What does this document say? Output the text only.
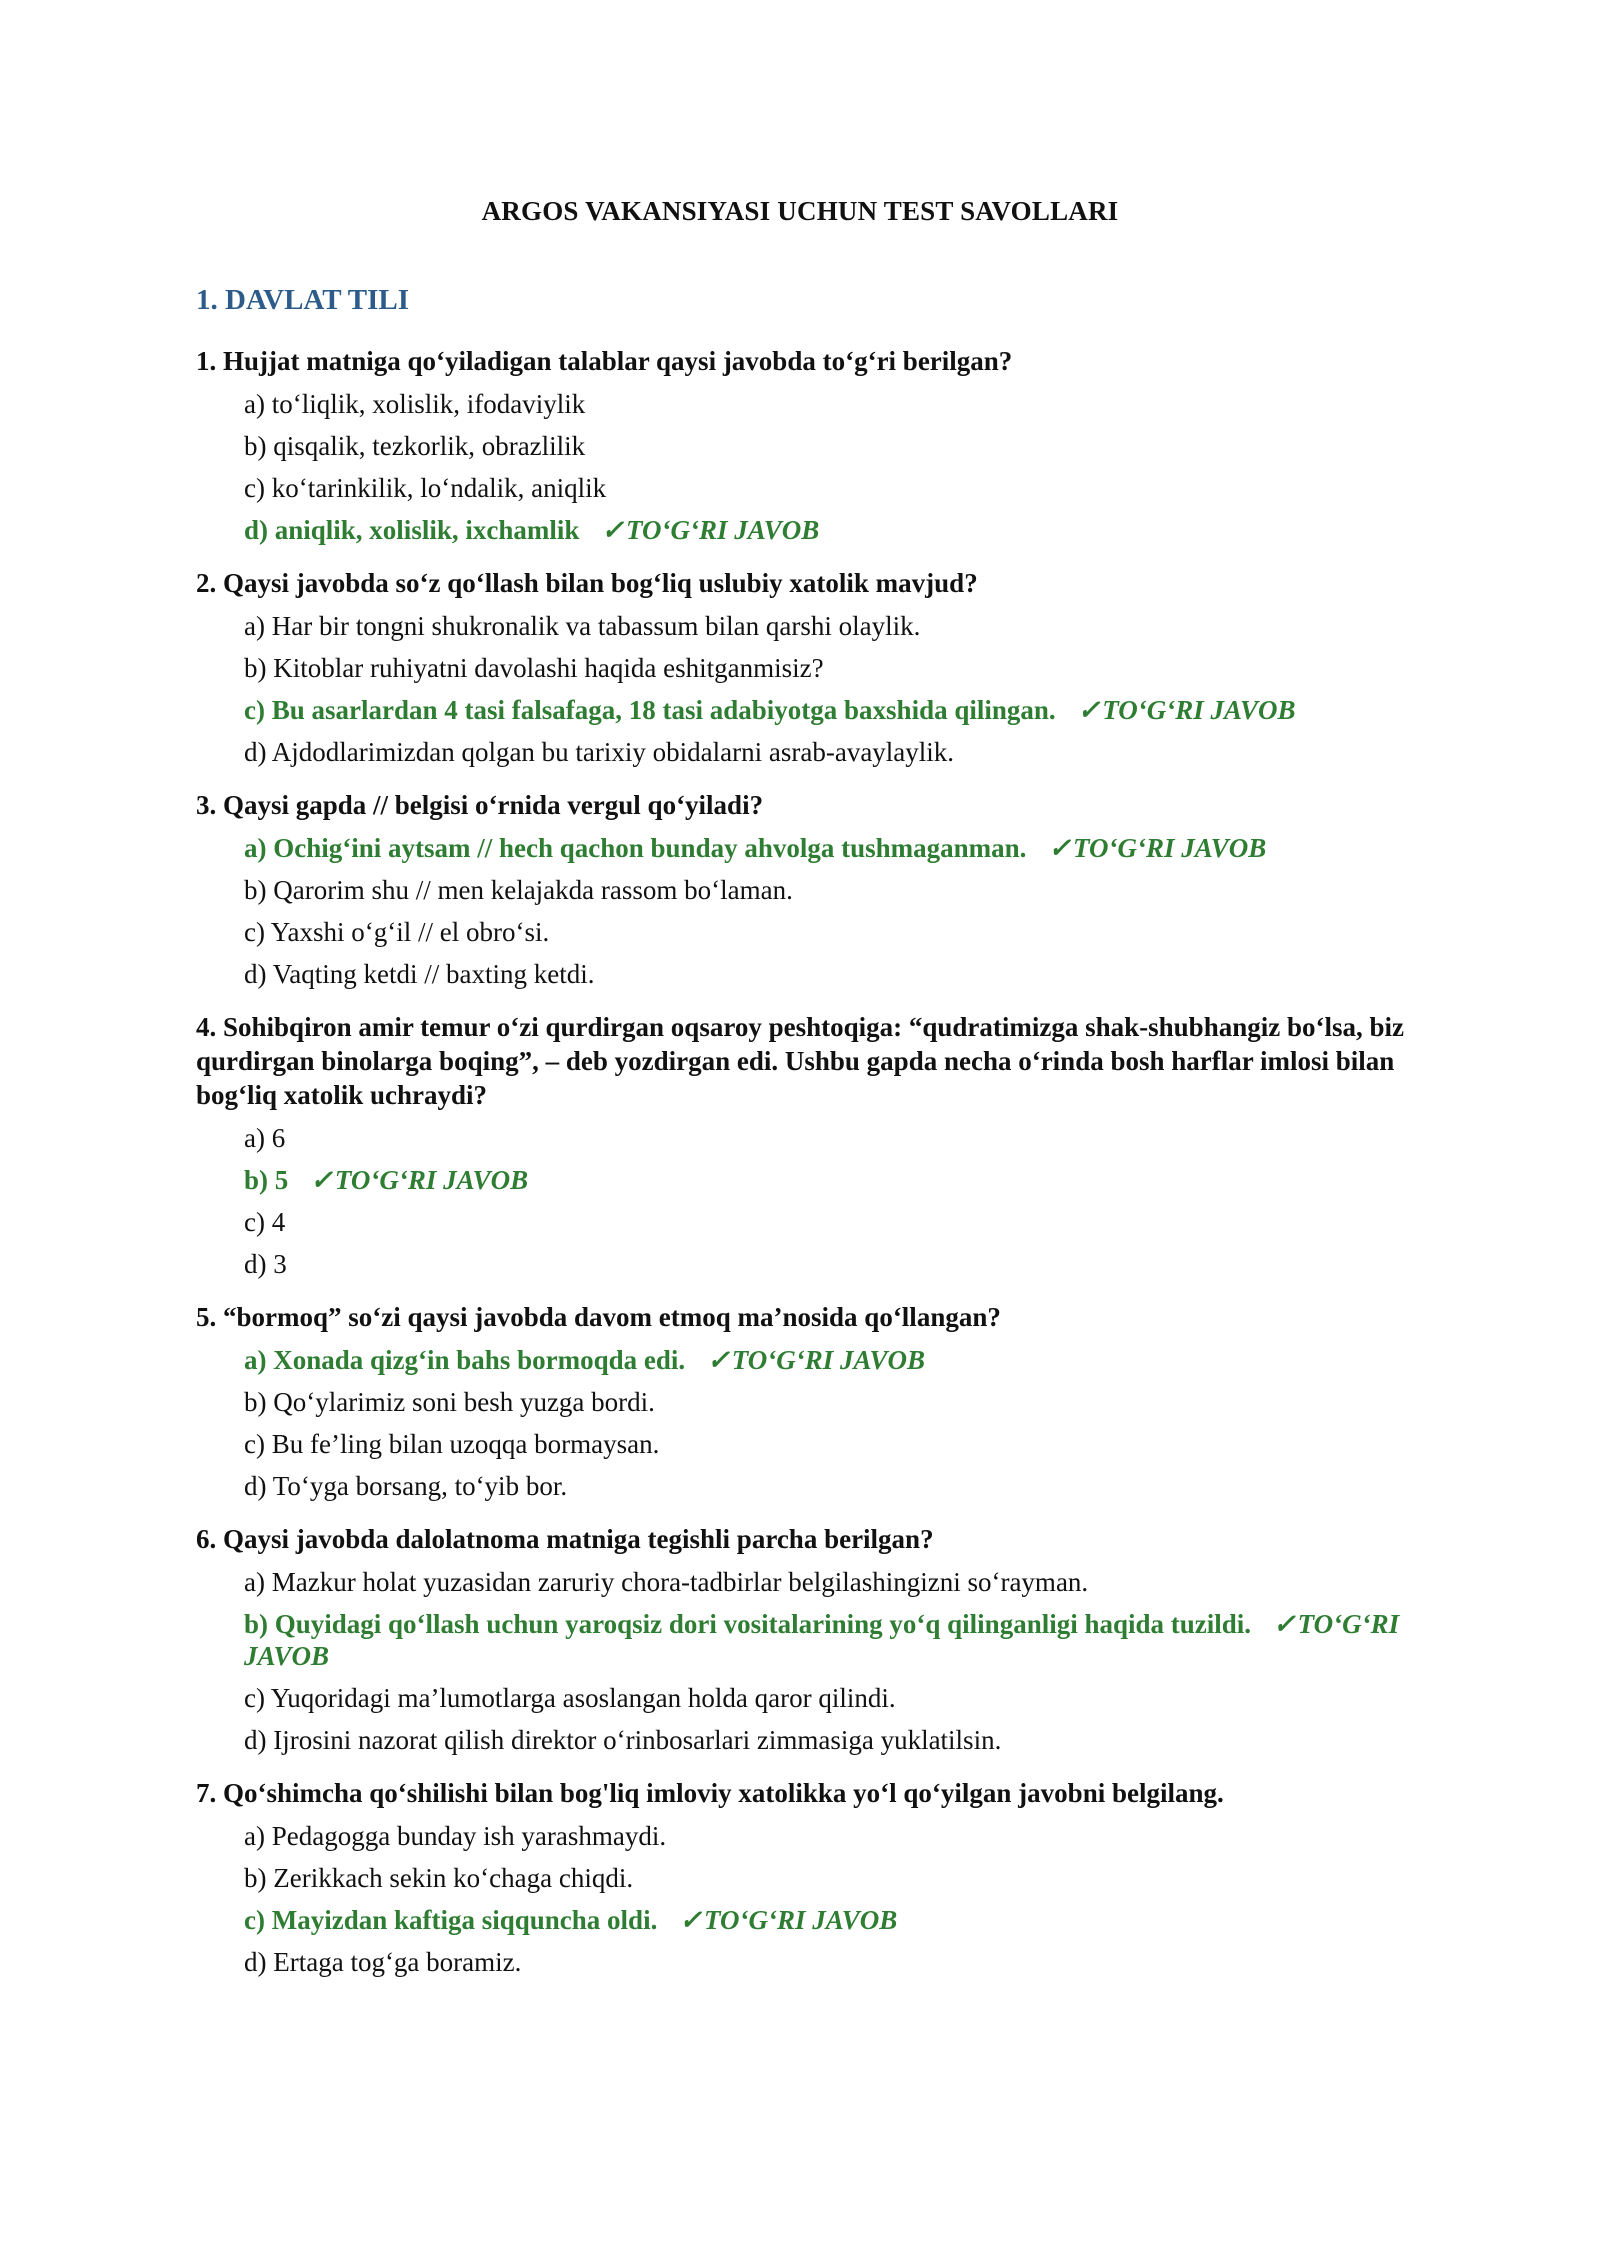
ARGOS VAKANSIYASI UCHUN TEST SAVOLLARI
1. DAVLAT TILI
1. Hujjat matniga qo‘yiladigan talablar qaysi javobda to‘g‘ri berilgan?
a) to‘liqlik, xolislik, ifodaviylik
b) qisqalik, tezkorlik, obrazlilik
c) ko‘tarinkilik, lo‘ndalik, aniqlik
d) aniqlik, xolislik, ixchamlik ✓TO‘G‘RI JAVOB
2. Qaysi javobda so‘z qo‘llash bilan bog‘liq uslubiy xatolik mavjud?
a) Har bir tongni shukronalik va tabassum bilan qarshi olaylik.
b) Kitoblar ruhiyatni davolashi haqida eshitganmisiz?
c) Bu asarlardan 4 tasi falsafaga, 18 tasi adabiyotga baxshida qilingan. ✓TO‘G‘RI JAVOB
d) Ajdodlarimizdan qolgan bu tarixiy obidalarni asrab-avaylaylik.
3. Qaysi gapda // belgisi o‘rnida vergul qo‘yiladi?
a) Ochig‘ini aytsam // hech qachon bunday ahvolga tushmaganman. ✓TO‘G‘RI JAVOB
b) Qarorim shu // men kelajakda rassom bo‘laman.
c) Yaxshi o‘g‘il // el obro‘si.
d) Vaqting ketdi // baxting ketdi.
4. Sohibqiron amir temur o‘zi qurdirgan oqsaroy peshtoqiga: “qudratimizga shak-shubhangiz bo‘lsa, biz qurdirgan binolarga boqing”, – deb yozdirgan edi. Ushbu gapda necha o‘rinda bosh harflar imlosi bilan bog‘liq xatolik uchraydi?
a) 6
b) 5 ✓TO‘G‘RI JAVOB
c) 4
d) 3
5. “bormoq” so‘zi qaysi javobda davom etmoq ma’nosida qo‘llangan?
a) Xonada qizg‘in bahs bormoqda edi. ✓TO‘G‘RI JAVOB
b) Qo‘ylarimiz soni besh yuzga bordi.
c) Bu fe’ling bilan uzoqqa bormaysan.
d) To‘yga borsang, to‘yib bor.
6. Qaysi javobda dalolatnoma matniga tegishli parcha berilgan?
a) Mazkur holat yuzasidan zaruriy chora-tadbirlar belgilashingizni so‘rayman.
b) Quyidagi qo‘llash uchun yaroqsiz dori vositalarining yo‘q qilinganligi haqida tuzildi. ✓TO‘G‘RI JAVOB
c) Yuqoridagi ma’lumotlarga asoslangan holda qaror qilindi.
d) Ijrosini nazorat qilish direktor o‘rinbosarlari zimmasiga yuklatilsin.
7. Qo‘shimcha qo‘shilishi bilan bog'liq imloviy xatolikka yo‘l qo‘yilgan javobni belgilang.
a) Pedagogga bunday ish yarashmaydi.
b) Zerikkach sekin ko‘chaga chiqdi.
c) Mayizdan kaftiga siqquncha oldi. ✓TO‘G‘RI JAVOB
d) Ertaga tog‘ga boramiz.
